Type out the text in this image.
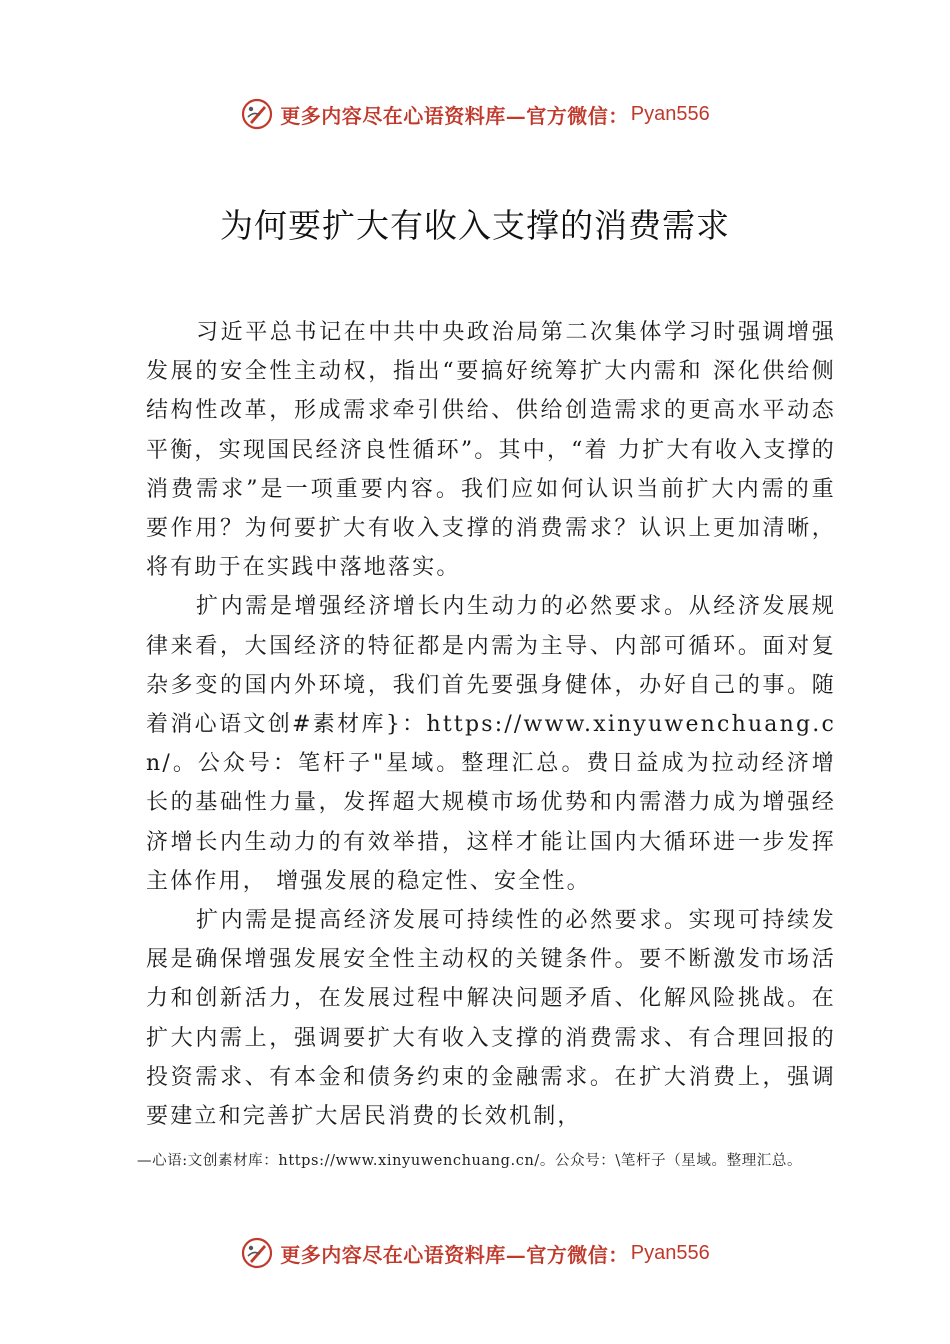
更多内容尽在心语资料库—官方微信： Pyan556
为何要扩大有收入支撑的消费需求

习近平总书记在中共中央政治局第二次集体学习时强调增强发展的安全性主动权，指出“要搞好统筹扩大内需和 深化供给侧结构性改革，形成需求牵引供给、供给创造需求的更高水平动态平衡，实现国民经济良性循环”。其中，“着 力扩大有收入支撑的消费需求”是一项重要内容。我们应如何认识当前扩大内需的重要作用？为何要扩大有收入支撑的消费需求？认识上更加清晰，将有助于在实践中落地落实。

扩内需是增强经济增长内生动力的必然要求。从经济发展规律来看，大国经济的特征都是内需为主导、内部可循环。面对复杂多变的国内外环境，我们首先要强身健体，办好自己的事。随着消心语文创#素材库}：https://www.xinyuwenchuang.cn/。公众号：笔杆子"星域。整理汇总。费日益成为拉动经济增长的基础性力量，发挥超大规模市场优势和内需潜力成为增强经济增长内生动力的有效举措，这样才能让国内大循环进一步发挥主体作用， 增强发展的稳定性、安全性。

扩内需是提高经济发展可持续性的必然要求。实现可持续发展是确保增强发展安全性主动权的关键条件。要不断激发市场活力和创新活力，在发展过程中解决问题矛盾、化解风险挑战。在扩大内需上，强调要扩大有收入支撑的消费需求、有合理回报的投资需求、有本金和债务约束的金融需求。在扩大消费上，强调要建立和完善扩大居民消费的长效机制，

—心语:文创素材库：https://www.xinyuwenchuang.cn/。公众号：\笔杆子（星域。整理汇总。
更多内容尽在心语资料库—官方微信： Pyan556
